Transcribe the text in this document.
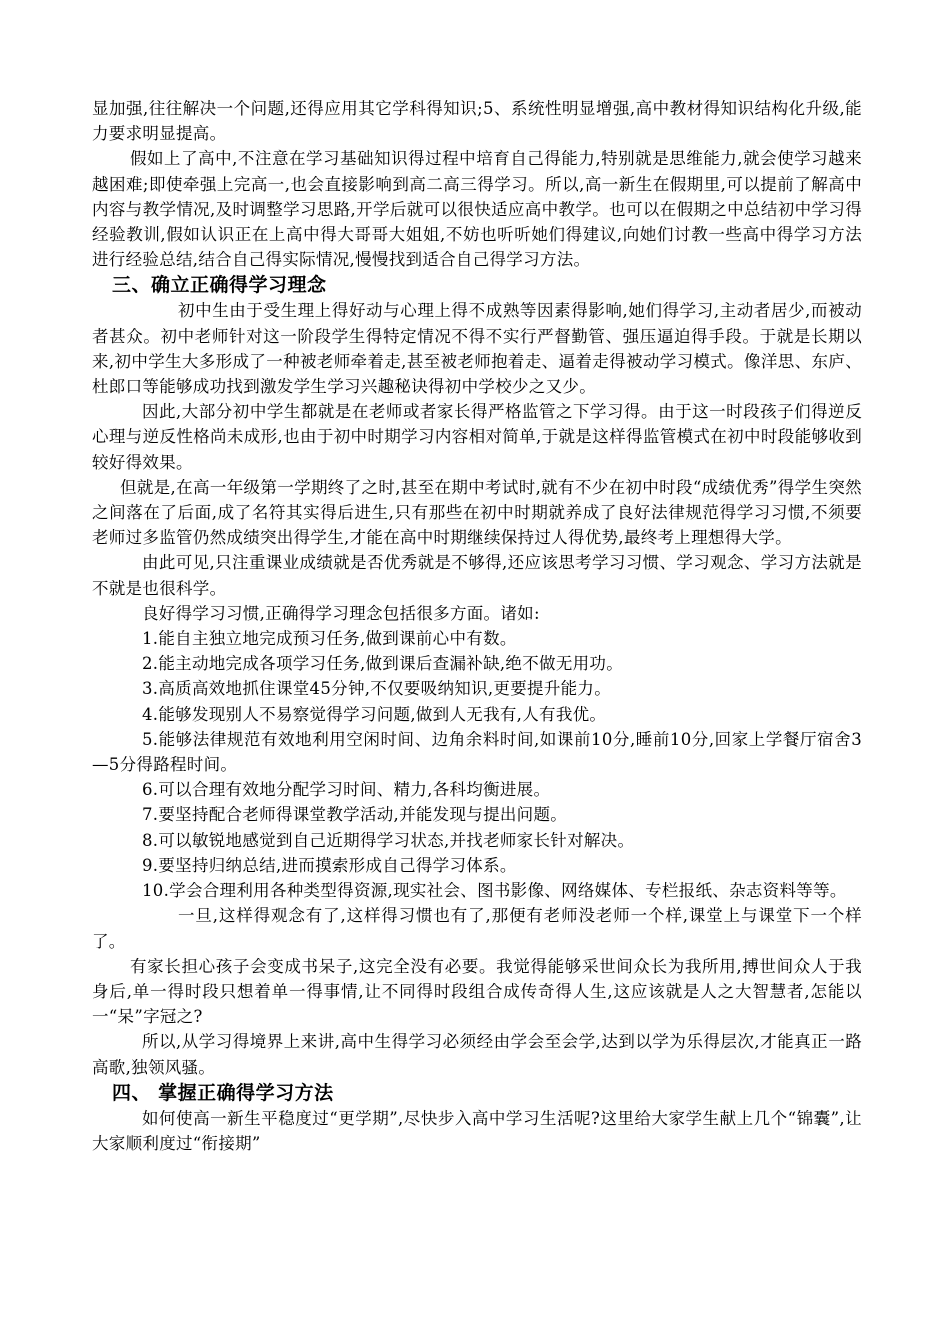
显加强,往往解决一个问题,还得应用其它学科得知识;5、系统性明显增强,高中教材得知识结构化升级,能力要求明显提高。

假如上了高中,不注意在学习基础知识得过程中培育自己得能力,特别就是思维能力,就会使学习越来越困难;即使牵强上完高一,也会直接影响到高二高三得学习。所以,高一新生在假期里,可以提前了解高中内容与教学情况,及时调整学习思路,开学后就可以很快适应高中教学。也可以在假期之中总结初中学习得经验教训,假如认识正在上高中得大哥哥大姐姐,不妨也听听她们得建议,向她们讨教一些高中得学习方法进行经验总结,结合自己得实际情况,慢慢找到适合自己得学习方法。

三、确立正确得学习理念

初中生由于受生理上得好动与心理上得不成熟等因素得影响,她们得学习,主动者居少,而被动者甚众。初中老师针对这一阶段学生得特定情况不得不实行严督勤管、强压逼迫得手段。于就是长期以来,初中学生大多形成了一种被老师牵着走,甚至被老师抱着走、逼着走得被动学习模式。像洋思、东庐、杜郎口等能够成功找到激发学生学习兴趣秘诀得初中学校少之又少。

因此,大部分初中学生都就是在老师或者家长得严格监管之下学习得。由于这一时段孩子们得逆反心理与逆反性格尚未成形,也由于初中时期学习内容相对简单,于就是这样得监管模式在初中时段能够收到较好得效果。

但就是,在高一年级第一学期终了之时,甚至在期中考试时,就有不少在初中时段“成绩优秀”得学生突然之间落在了后面,成了名符其实得后进生,只有那些在初中时期就养成了良好法律规范得学习习惯,不须要老师过多监管仍然成绩突出得学生,才能在高中时期继续保持过人得优势,最终考上理想得大学。

由此可见,只注重课业成绩就是否优秀就是不够得,还应该思考学习习惯、学习观念、学习方法就是不就是也很科学。

良好得学习习惯,正确得学习理念包括很多方面。诸如:

1.能自主独立地完成预习任务,做到课前心中有数。

2.能主动地完成各项学习任务,做到课后查漏补缺,绝不做无用功。

3.高质高效地抓住课堂45分钟,不仅要吸纳知识,更要提升能力。

4.能够发现别人不易察觉得学习问题,做到人无我有,人有我优。

5.能够法律规范有效地利用空闲时间、边角余料时间,如课前10分,睡前10分,回家上学餐厅宿舍3—5分得路程时间。

6.可以合理有效地分配学习时间、精力,各科均衡进展。

7.要坚持配合老师得课堂教学活动,并能发现与提出问题。

8.可以敏锐地感觉到自己近期得学习状态,并找老师家长针对解决。

9.要坚持归纳总结,进而摸索形成自己得学习体系。

10.学会合理利用各种类型得资源,现实社会、图书影像、网络媒体、专栏报纸、杂志资料等等。

一旦,这样得观念有了,这样得习惯也有了,那便有老师没老师一个样,课堂上与课堂下一个样了。

有家长担心孩子会变成书呆子,这完全没有必要。我觉得能够采世间众长为我所用,搏世间众人于我身后,单一得时段只想着单一得事情,让不同得时段组合成传奇得人生,这应该就是人之大智慧者,怎能以一“呆”字冠之?

所以,从学习得境界上来讲,高中生得学习必须经由学会至会学,达到以学为乐得层次,才能真正一路高歌,独领风骚。

四、 掌握正确得学习方法

如何使高一新生平稳度过“更学期”,尽快步入高中学习生活呢?这里给大家学生献上几个“锦囊”,让大家顺利度过“衔接期”
